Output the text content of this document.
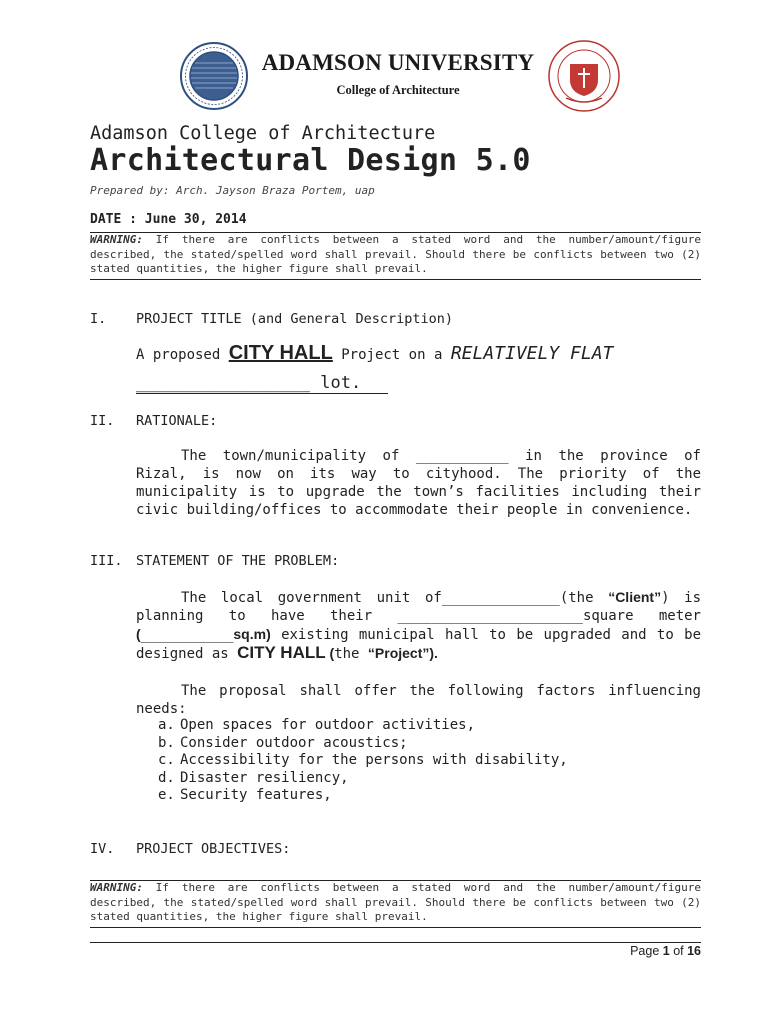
ADAMSON UNIVERSITY
College of Architecture
Adamson College of Architecture
Architectural Design 5.0
Prepared by: Arch. Jayson Braza Portem, uap
DATE : June 30, 2014
WARNING: If there are conflicts between a stated word and the number/amount/figure described, the stated/spelled word shall prevail. Should there be conflicts between two (2) stated quantities, the higher figure shall prevail.
I. PROJECT TITLE (and General Description)
A proposed CITY HALL Project on a RELATIVELY FLAT
_________________ lot.
II. RATIONALE:
The town/municipality of ___________ in the province of Rizal, is now on its way to cityhood. The priority of the municipality is to upgrade the town’s facilities including their civic building/offices to accommodate their people in convenience.
III. STATEMENT OF THE PROBLEM:
The local government unit of______________(the “Client”) is planning to have their ______________________square meter (___________sq.m) existing municipal hall to be upgraded and to be designed as CITY HALL (the “Project”).
The proposal shall offer the following factors influencing needs:
a. Open spaces for outdoor activities,
b. Consider outdoor acoustics;
c. Accessibility for the persons with disability,
d. Disaster resiliency,
e. Security features,
IV. PROJECT OBJECTIVES:
WARNING: If there are conflicts between a stated word and the number/amount/figure described, the stated/spelled word shall prevail. Should there be conflicts between two (2) stated quantities, the higher figure shall prevail.
Page 1 of 16
